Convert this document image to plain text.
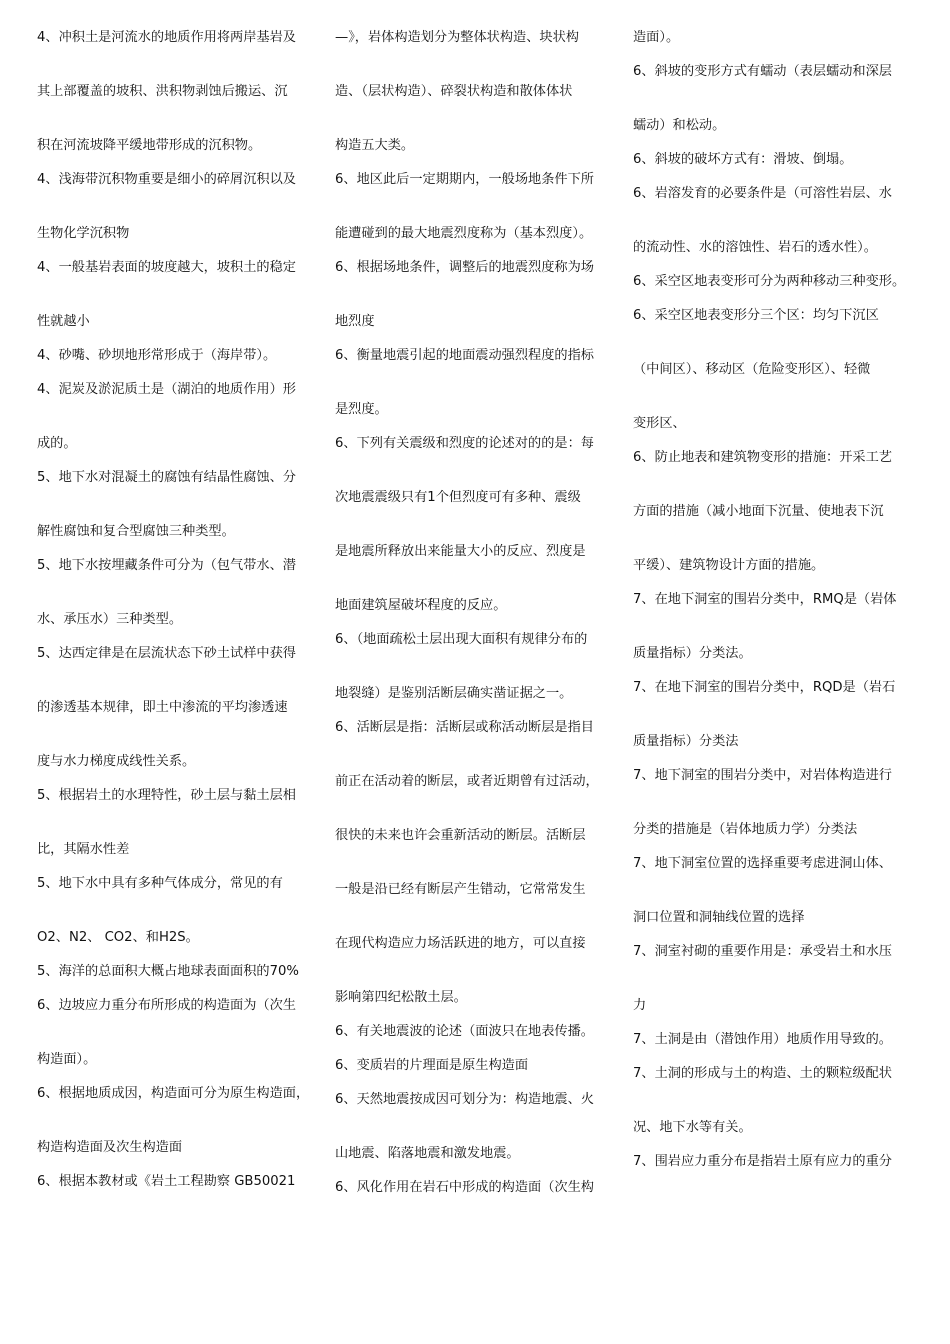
4、冲积土是河流水的地质作用将两岸基岩及
其上部覆盖的坡积、洪积物剥蚀后搬运、沉
积在河流坡降平缓地带形成的沉积物。
4、浅海带沉积物重要是细小的碎屑沉积以及
生物化学沉积物
4、一般基岩表面的坡度越大，坡积土的稳定
性就越小
4、砂嘴、砂坝地形常形成于（海岸带）。
4、泥炭及淤泥质土是（湖泊的地质作用）形
成的。
5、地下水对混凝土的腐蚀有结晶性腐蚀、分
解性腐蚀和复合型腐蚀三种类型。
5、地下水按埋藏条件可分为（包气带水、潜
水、承压水）三种类型。
5、达西定律是在层流状态下砂土试样中获得
的渗透基本规律，即土中渗流的平均渗透速
度与水力梯度成线性关系。
5、根据岩土的水理特性，砂土层与黏土层相
比，其隔水性差
5、地下水中具有多种气体成分，常见的有
O2、N2、 CO2、和H2S。
5、海洋的总面积大概占地球表面面积的70%
6、边坡应力重分布所形成的构造面为（次生
构造面）。
6、根据地质成因，构造面可分为原生构造面，
构造构造面及次生构造面
6、根据本教材或《岩土工程勘察 GB50021
—》，岩体构造划分为整体状构造、块状构
造、（层状构造）、碎裂状构造和散体体状
构造五大类。
6、地区此后一定期期内，一般场地条件下所
能遭碰到的最大地震烈度称为（基本烈度）。
6、根据场地条件，调整后的地震烈度称为场
地烈度
6、衡量地震引起的地面震动强烈程度的指标
是烈度。
6、下列有关震级和烈度的论述对的的是：每
次地震震级只有1个但烈度可有多种、震级
是地震所释放出来能量大小的反应、烈度是
地面建筑屋破坏程度的反应。
6、（地面疏松土层出现大面积有规律分布的
地裂缝）是鉴别活断层确实凿证据之一。
6、活断层是指：活断层或称活动断层是指目
前正在活动着的断层，或者近期曾有过活动，
很快的未来也许会重新活动的断层。活断层
一般是沿已经有断层产生错动，它常常发生
在现代构造应力场活跃进的地方，可以直接
影响第四纪松散土层。
6、有关地震波的论述（面波只在地表传播。
6、变质岩的片理面是原生构造面
6、天然地震按成因可划分为：构造地震、火
山地震、陷落地震和激发地震。
6、风化作用在岩石中形成的构造面（次生构
造面）。
6、斜坡的变形方式有蠕动（表层蠕动和深层
蠕动）和松动。
6、斜坡的破坏方式有：滑坡、倒塌。
6、岩溶发育的必要条件是（可溶性岩层、水
的流动性、水的溶蚀性、岩石的透水性）。
6、采空区地表变形可分为两种移动三种变形。
6、采空区地表变形分三个区：均匀下沉区
（中间区）、移动区（危险变形区）、轻微
变形区、
6、防止地表和建筑物变形的措施：开采工艺
方面的措施（减小地面下沉量、使地表下沉
平缓）、建筑物设计方面的措施。
7、在地下洞室的围岩分类中，RMQ是（岩体
质量指标）分类法。
7、在地下洞室的围岩分类中，RQD是（岩石
质量指标）分类法
7、地下洞室的围岩分类中，对岩体构造进行
分类的措施是（岩体地质力学）分类法
7、地下洞室位置的选择重要考虑进洞山体、
洞口位置和洞轴线位置的选择
7、洞室衬砌的重要作用是：承受岩土和水压
力
7、土洞是由（潜蚀作用）地质作用导致的。
7、土洞的形成与土的构造、土的颗粒级配状
况、地下水等有关。
7、围岩应力重分布是指岩土原有应力的重分
